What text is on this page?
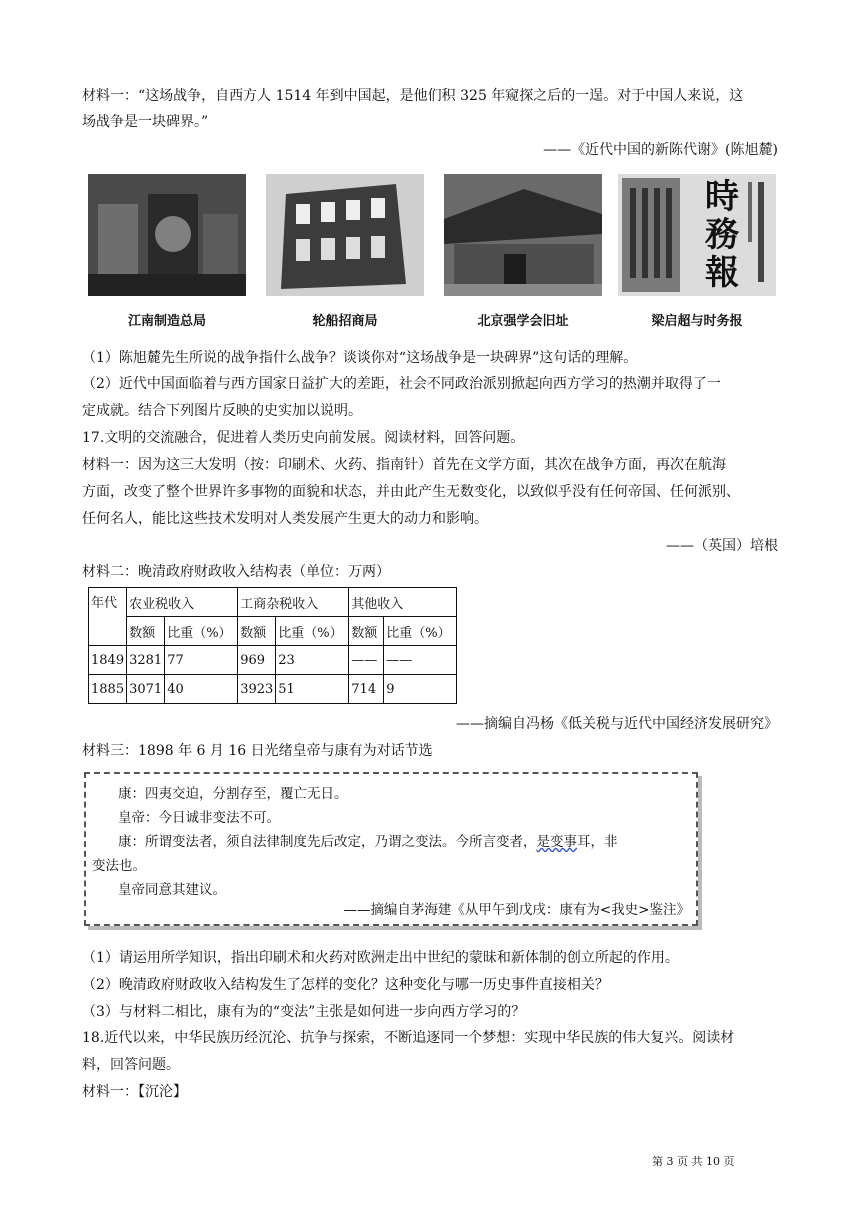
材料一：“这场战争，自西方人 1514 年到中国起，是他们积 325 年窥探之后的一逞。对于中国人来说，这
场战争是一块碑界。”
——《近代中国的新陈代谢》(陈旭麓)
江南制造总局	轮船招商局	北京强学会旧址
時務報
梁启超与时务报
（1）陈旭麓先生所说的战争指什么战争？谈谈你对“这场战争是一块碑界”这句话的理解。
（2）近代中国面临着与西方国家日益扩大的差距，社会不同政治派别掀起向西方学习的热潮并取得了一
定成就。结合下列图片反映的史实加以说明。
17.文明的交流融合，促进着人类历史向前发展。阅读材料，回答问题。
材料一：因为这三大发明（按：印刷术、火药、指南针）首先在文学方面，其次在战争方面，再次在航海
方面，改变了整个世界许多事物的面貌和状态，并由此产生无数变化，以致似乎没有任何帝国、任何派别、
任何名人，能比这些技术发明对人类发展产生更大的动力和影响。
——（英国）培根
材料二：晚清政府财政收入结构表（单位：万两）
年代	农业税收入		工商杂税收入		其他收入	
	数额	比重（%）	数额	比重（%）	数额	比重（%）
1849	3281	77	969	23	——	——
1885	3071	40	3923	51	714	9
——摘编自冯杨《低关税与近代中国经济发展研究》
材料三：1898 年 6 月 16 日光绪皇帝与康有为对话节选
康：四夷交迫，分割存至，覆亡无日。
皇帝：今日诚非变法不可。
康：所谓变法者，须自法律制度先后改定，乃谓之变法。今所言变者，是变事耳，非
变法也。
皇帝同意其建议。
——摘编自茅海建《从甲午到戊戌：康有为<我史>鉴注》
（1）请运用所学知识，指出印刷术和火药对欧洲走出中世纪的蒙昧和新体制的创立所起的作用。
（2）晚清政府财政收入结构发生了怎样的变化？这种变化与哪一历史事件直接相关？
（3）与材料二相比，康有为的“变法”主张是如何进一步向西方学习的？
18.近代以来，中华民族历经沉沦、抗争与探索，不断追逐同一个梦想：实现中华民族的伟大复兴。阅读材
料，回答问题。
材料一：【沉沦】
第 3 页 共 10 页
